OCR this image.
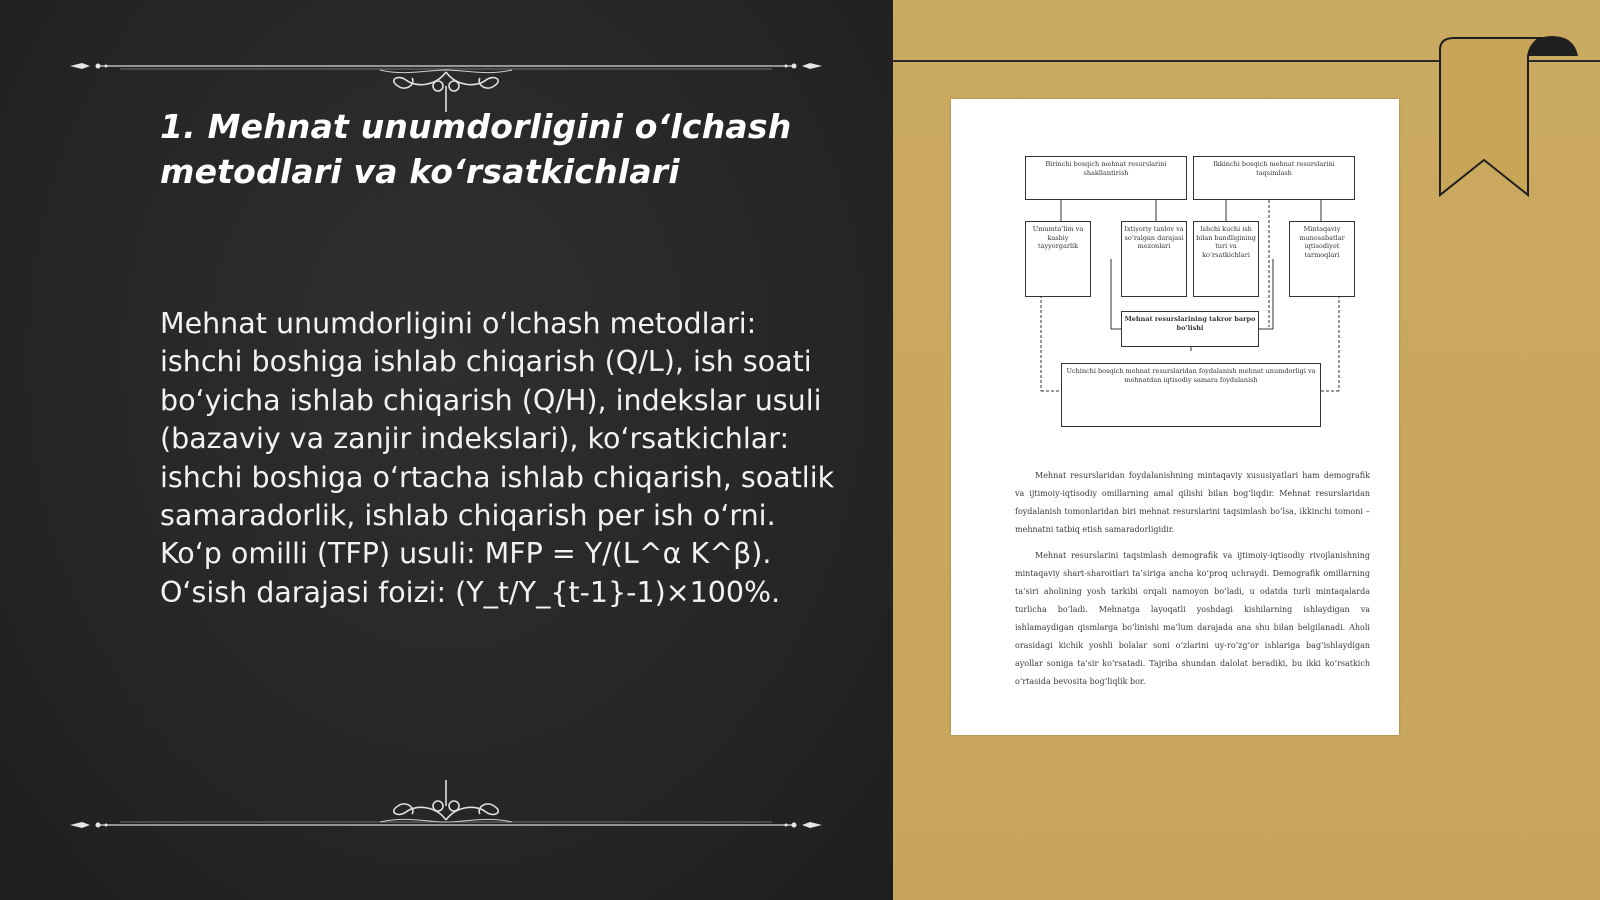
1. Mehnat unumdorligini o‘lchash
metodlari va ko‘rsatkichlari

Mehnat unumdorligini o‘lchash metodlari: ishchi boshiga ishlab chiqarish (Q/L), ish soati bo‘yicha ishlab chiqarish (Q/H), indekslar usuli (bazaviy va zanjir indekslari), ko‘rsatkichlar: ishchi boshiga o‘rtacha ishlab chiqarish, soatlik samaradorlik, ishlab chiqarish per ish o‘rni. Ko‘p omilli (TFP) usuli: MFP = Y/(L^α K^β). O‘sish darajasi foizi: (Y_t/Y_{t-1}-1)×100%.

Birinchi bosqich mehnat resurslarini shakllantirish
Ikkinchi bosqich mehnat resurslarini taqsimlash
Umumta’lim va kasbiy tayyorgarlik
Ixtiyoriy tanlov va so‘ralgan darajasi mezonlari
Ishchi kuchi ish bilan bandligining turi va ko‘rsatkichlari
Mintaqaviy munosabatlar iqtisodiyot tarmoqlari
Mehnat resurslarining takror barpo bo‘lishi
Uchinchi bosqich mehnat resurslaridan foydalanish mehnat unumdorligi va mehnatdan iqtisodiy samara foydalanish

Mehnat resurslaridan foydalanishning mintaqaviy xususiyatlari ham demografik va ijtimoiy-iqtisodiy omillarning amal qilishi bilan bog‘liqdir. Mehnat resurslaridan foydalanish tomonlaridan biri mehnat resurslarini taqsimlash bo‘lsa, ikkinchi tomoni – mehnatni tatbiq etish samaradorligidir.

Mehnat resurslarini taqsimlash demografik va ijtimoiy-iqtisodiy rivojlanishning mintaqaviy shart-sharoitlari ta’siriga ancha ko‘proq uchraydi. Demografik omillarning ta’siri aholining yosh tarkibi orqali namoyon bo‘ladi, u odatda turli mintaqalarda turlicha bo‘ladi. Mehnatga layoqatli yoshdagi kishilarning ishlaydigan va ishlamaydigan qismlarga bo‘linishi ma’lum darajada ana shu bilan belgilanadi. Aholi orasidagi kichik yoshli bolalar soni o‘zlarini uy-ro‘zg‘or ishlariga bag‘ishlaydigan ayollar soniga ta’sir ko‘rsatadi. Tajriba shundan dalolat beradiki, bu ikki ko‘rsatkich o‘rtasida bevosita bog‘liqlik bor.
